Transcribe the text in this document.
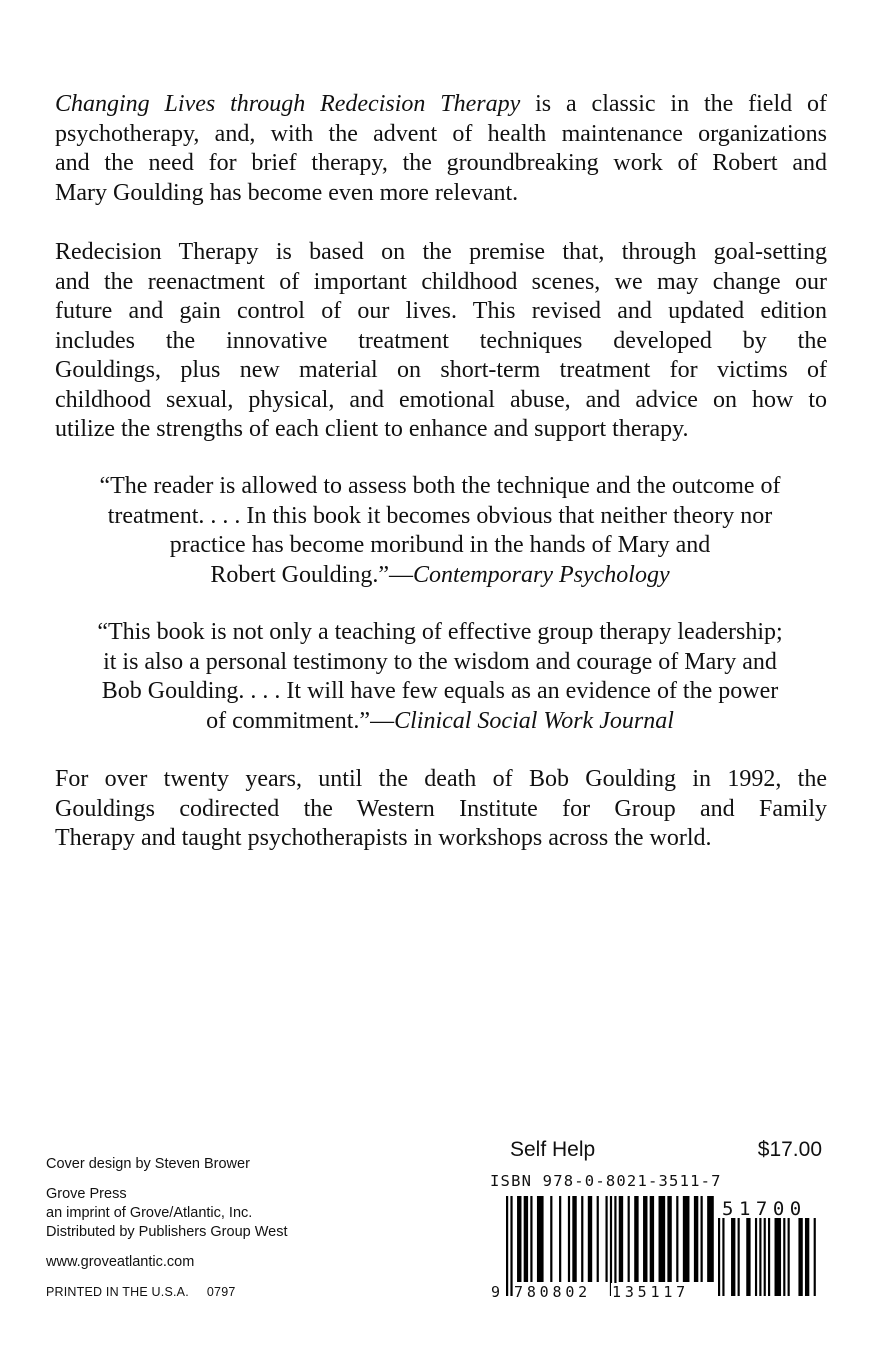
Changing Lives through Redecision Therapy is a classic in the field of
psychotherapy, and, with the advent of health maintenance organizations
and the need for brief therapy, the groundbreaking work of Robert and
Mary Goulding has become even more relevant.

Redecision Therapy is based on the premise that, through goal-setting
and the reenactment of important childhood scenes, we may change our
future and gain control of our lives. This revised and updated edition
includes the innovative treatment techniques developed by the
Gouldings, plus new material on short-term treatment for victims of
childhood sexual, physical, and emotional abuse, and advice on how to
utilize the strengths of each client to enhance and support therapy.

“The reader is allowed to assess both the technique and the outcome of
treatment. . . . In this book it becomes obvious that neither theory nor
practice has become moribund in the hands of Mary and
Robert Goulding.”—Contemporary Psychology

“This book is not only a teaching of effective group therapy leadership;
it is also a personal testimony to the wisdom and courage of Mary and
Bob Goulding. . . . It will have few equals as an evidence of the power
of commitment.”—Clinical Social Work Journal

For over twenty years, until the death of Bob Goulding in 1992, the
Gouldings codirected the Western Institute for Group and Family
Therapy and taught psychotherapists in workshops across the world.

Cover design by Steven Brower
Grove Press
an imprint of Grove/Atlantic, Inc.
Distributed by Publishers Group West
www.groveatlantic.com
PRINTED IN THE U.S.A. 0797
Self Help	$17.00
ISBN 978-0-8021-3511-7
9 780802 135117
51700
